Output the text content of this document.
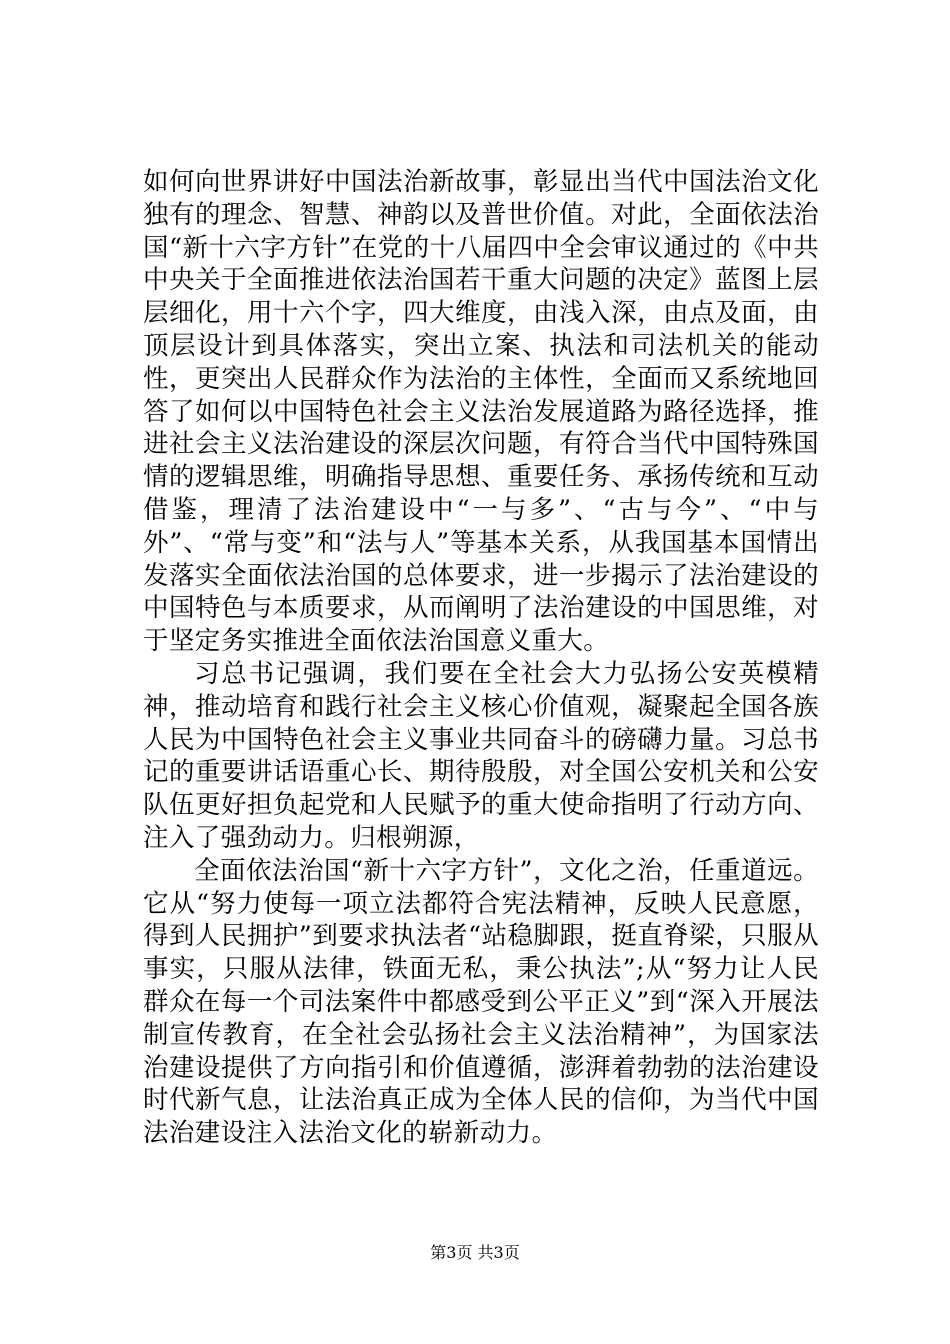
如何向世界讲好中国法治新故事，彰显出当代中国法治文化独有的理念、智慧、神韵以及普世价值。对此，全面依法治国“新十六字方针”在党的十八届四中全会审议通过的《中共中央关于全面推进依法治国若干重大问题的决定》蓝图上层层细化，用十六个字，四大维度，由浅入深，由点及面，由顶层设计到具体落实，突出立案、执法和司法机关的能动性，更突出人民群众作为法治的主体性，全面而又系统地回答了如何以中国特色社会主义法治发展道路为路径选择，推进社会主义法治建设的深层次问题，有符合当代中国特殊国情的逻辑思维，明确指导思想、重要任务、承扬传统和互动借鉴，理清了法治建设中“一与多”、“古与今”、“中与外”、“常与变”和“法与人”等基本关系，从我国基本国情出发落实全面依法治国的总体要求，进一步揭示了法治建设的中国特色与本质要求，从而阐明了法治建设的中国思维，对于坚定务实推进全面依法治国意义重大。

习总书记强调，我们要在全社会大力弘扬公安英模精神，推动培育和践行社会主义核心价值观，凝聚起全国各族人民为中国特色社会主义事业共同奋斗的磅礴力量。习总书记的重要讲话语重心长、期待殷殷，对全国公安机关和公安队伍更好担负起党和人民赋予的重大使命指明了行动方向、注入了强劲动力。归根朔源，

全面依法治国“新十六字方针”，文化之治，任重道远。它从“努力使每一项立法都符合宪法精神，反映人民意愿，得到人民拥护”到要求执法者“站稳脚跟，挺直脊梁，只服从事实，只服从法律，铁面无私，秉公执法”;从“努力让人民群众在每一个司法案件中都感受到公平正义”到“深入开展法制宣传教育，在全社会弘扬社会主义法治精神”，为国家法治建设提供了方向指引和价值遵循，澎湃着勃勃的法治建设时代新气息，让法治真正成为全体人民的信仰，为当代中国法治建设注入法治文化的崭新动力。

第3页 共3页
